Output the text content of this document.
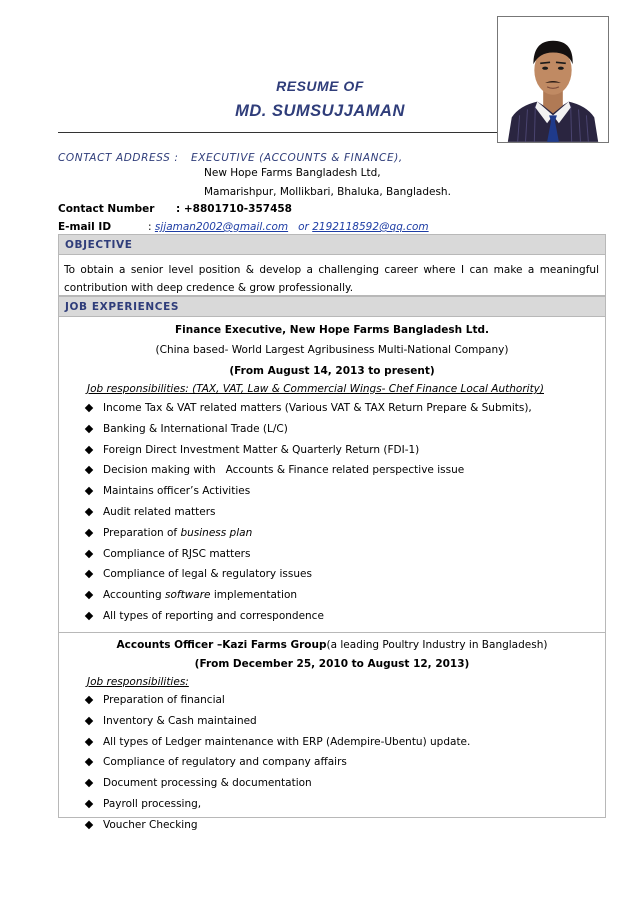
RESUME OF
MD. SUMSUJJAMAN
CONTACT ADDRESS : EXECUTIVE (ACCOUNTS & FINANCE),
New Hope Farms Bangladesh Ltd,
Mamarishpur, Mollikbari, Bhaluka, Bangladesh.
Contact Number : +8801710-357458
E-mail ID	: sjjaman2002@gmail.com or 2192118592@qq.com
OBJECTIVE
To obtain a senior level position & develop a challenging career where I can make a meaningful contribution with deep credence & grow professionally.
JOB EXPERIENCES
Finance Executive, New Hope Farms Bangladesh Ltd.
(China based- World Largest Agribusiness Multi-National Company)
(From August 14, 2013 to present)
Job responsibilities: (TAX, VAT, Law & Commercial Wings- Chef Finance Local Authority)
Income Tax & VAT related matters (Various VAT & TAX Return Prepare & Submits),
Banking & International Trade (L/C)
Foreign Direct Investment Matter & Quarterly Return (FDI-1)
Decision making with   Accounts & Finance related perspective issue
Maintains officer’s Activities
Audit related matters
Preparation of business plan
Compliance of RJSC matters
Compliance of legal & regulatory issues
Accounting software implementation
All types of reporting and correspondence
Accounts Officer –Kazi Farms Group(a leading Poultry Industry in Bangladesh)
(From December 25, 2010 to August 12, 2013)
Job responsibilities:
Preparation of financial
Inventory & Cash maintained
All types of Ledger maintenance with ERP (Adempire-Ubentu) update.
Compliance of regulatory and company affairs
Document processing & documentation
Payroll processing,
Voucher Checking
